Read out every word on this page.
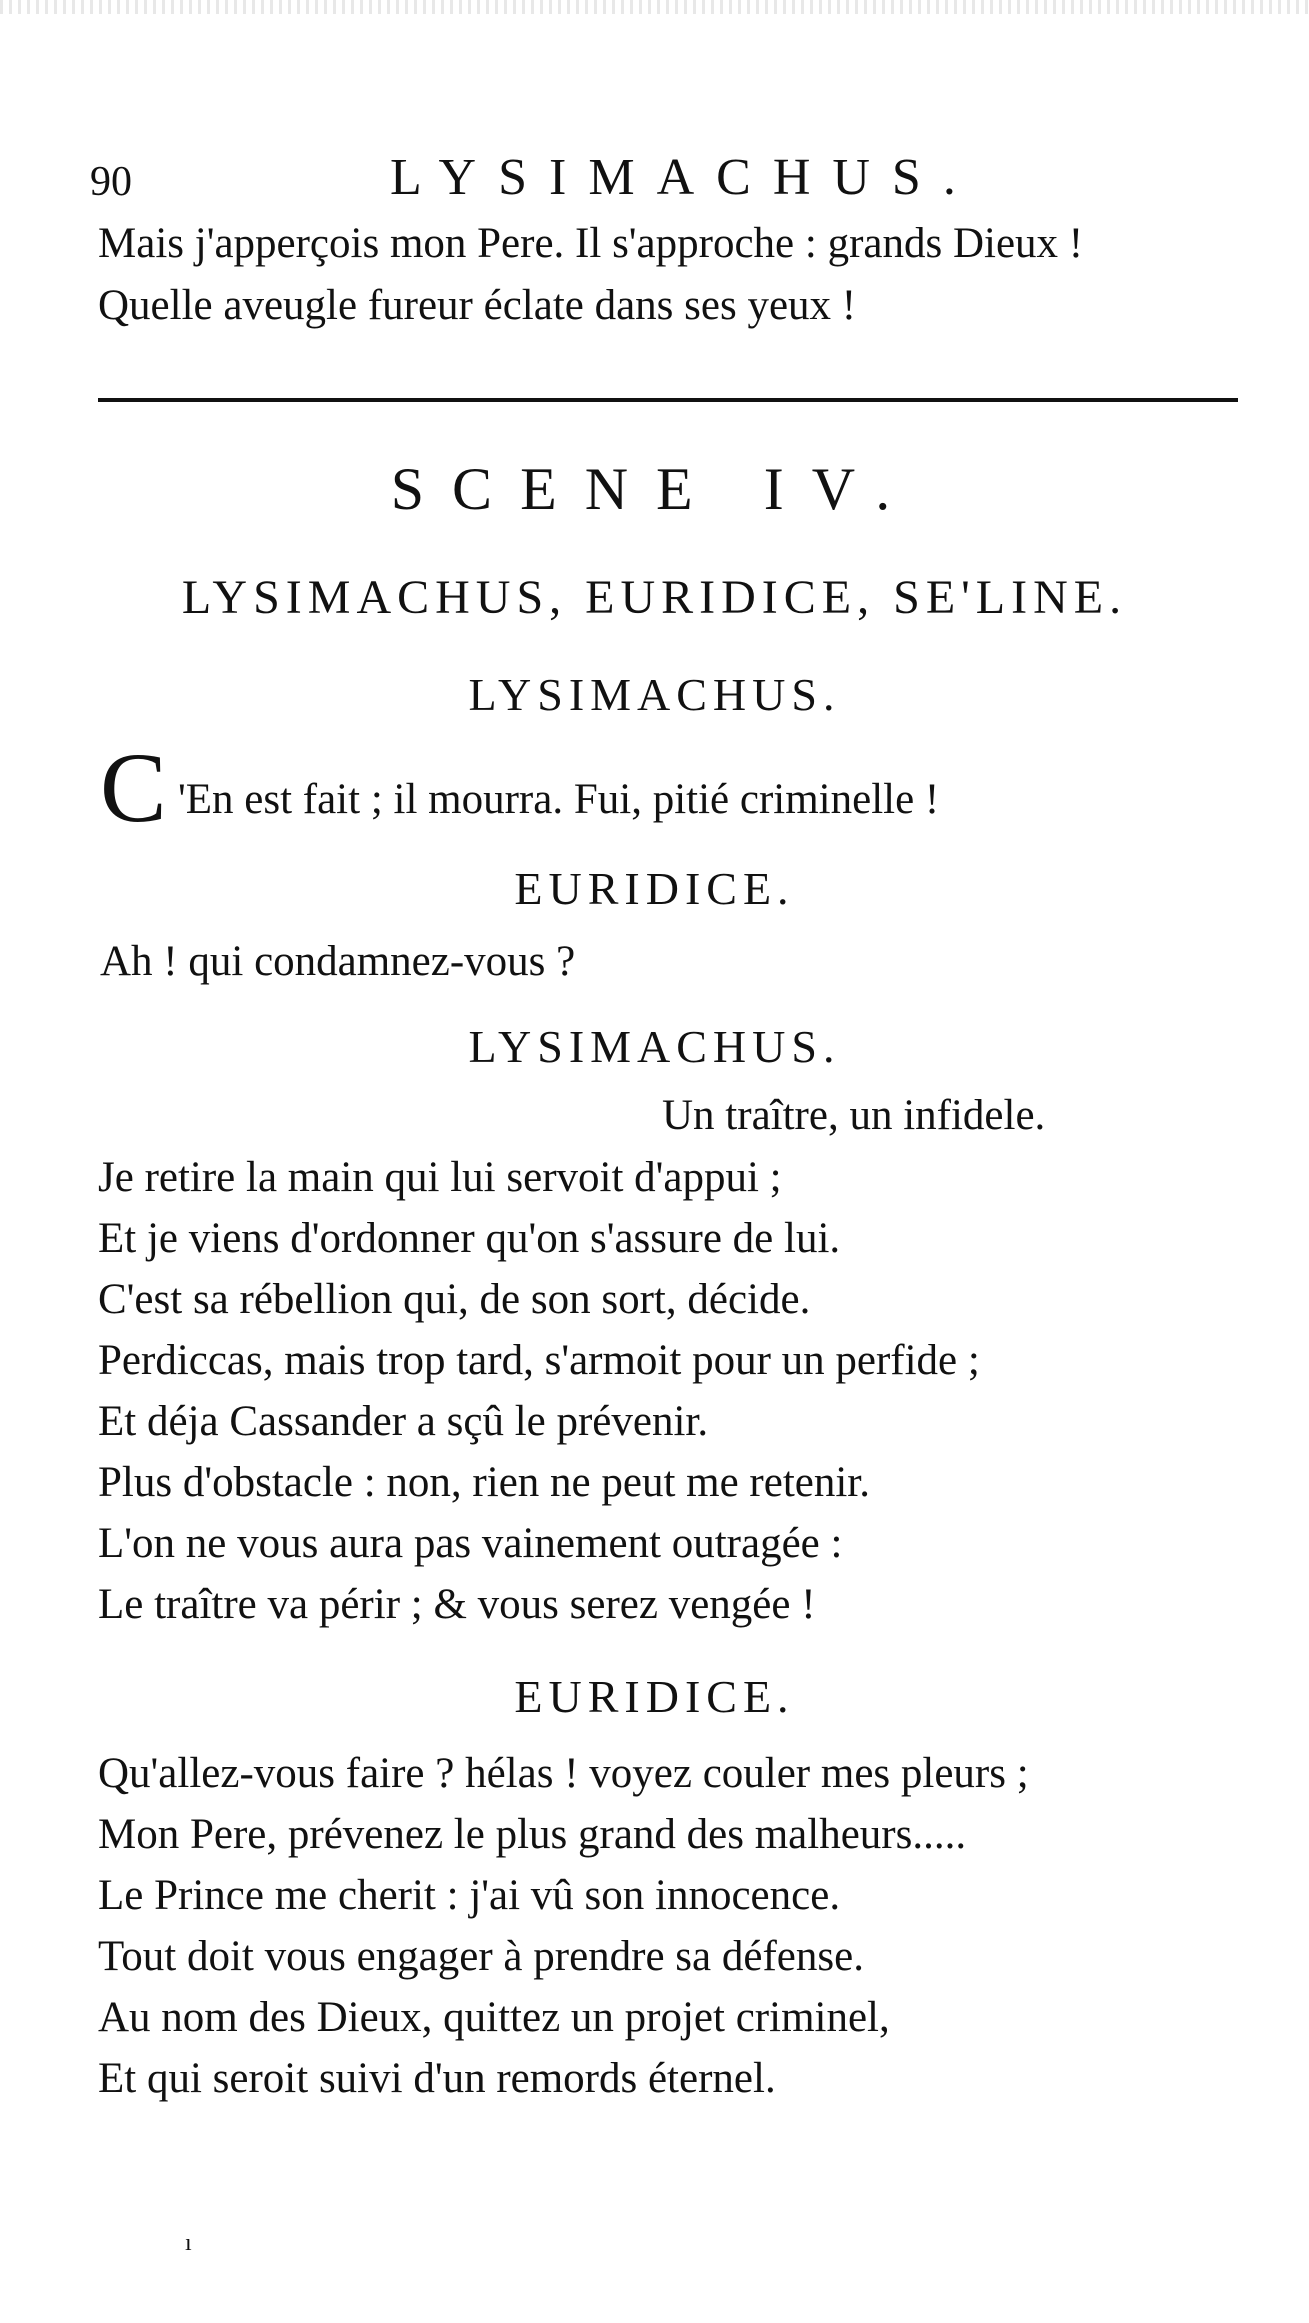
90	LYSIMACHUS.
Mais j'apperçois mon Pere. Il s'approche : grands Dieux !
Quelle aveugle fureur éclate dans ses yeux !
SCENE IV.
LYSIMACHUS, EURIDICE, SE'LINE.
LYSIMACHUS.
C 'En est fait ; il mourra. Fui, pitié criminelle !
EURIDICE.
Ah ! qui condamnez-vous ?
LYSIMACHUS.
Un traître, un infidele.
Je retire la main qui lui servoit d'appui ;
Et je viens d'ordonner qu'on s'assure de lui.
C'est sa rébellion qui, de son sort, décide.
Perdiccas, mais trop tard, s'armoit pour un perfide ;
Et déja Cassander a sçû le prévenir.
Plus d'obstacle : non, rien ne peut me retenir.
L'on ne vous aura pas vainement outragée :
Le traître va périr ; & vous serez vengée !
EURIDICE.
Qu'allez-vous faire ? hélas ! voyez couler mes pleurs ;
Mon Pere, prévenez le plus grand des malheurs.....
Le Prince me cherit : j'ai vû son innocence.
Tout doit vous engager à prendre sa défense.
Au nom des Dieux, quittez un projet criminel,
Et qui seroit suivi d'un remords éternel.
ı
